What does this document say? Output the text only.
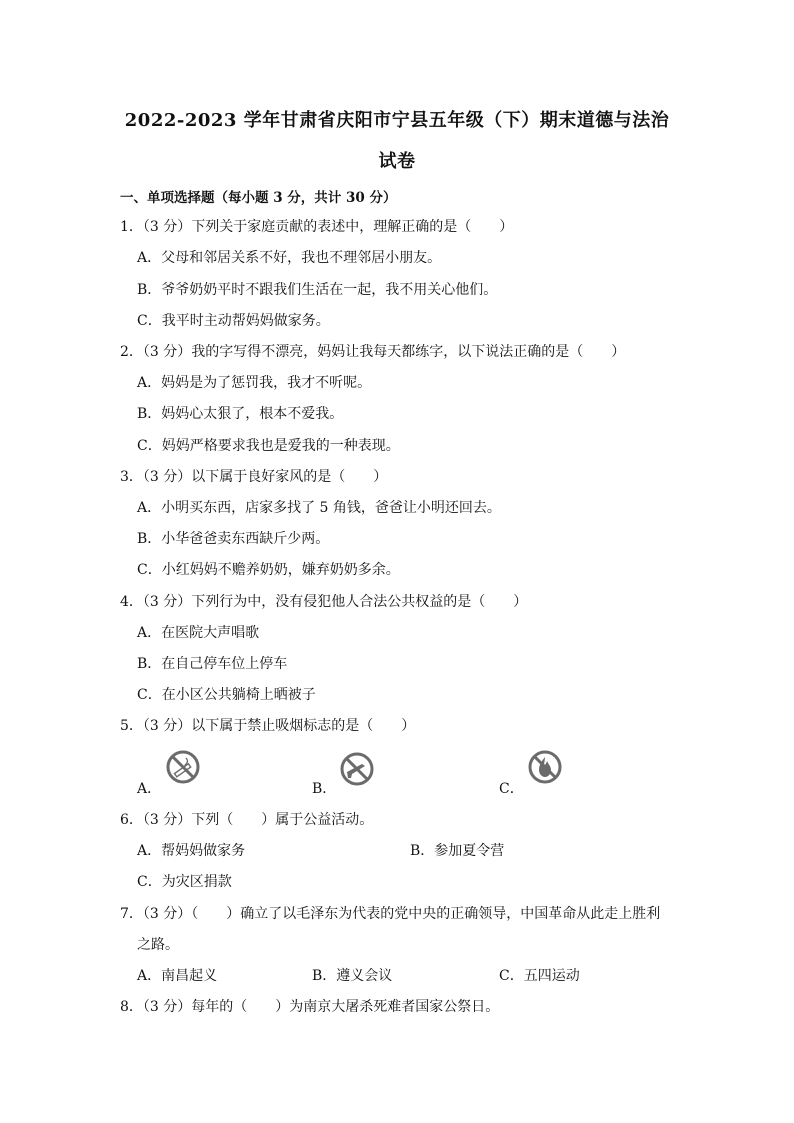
2022-2023 学年甘肃省庆阳市宁县五年级（下）期末道德与法治
试卷
一、单项选择题（每小题 3 分，共计 30 分）
1．（3 分）下列关于家庭贡献的表述中，理解正确的是（　　）
A．父母和邻居关系不好，我也不理邻居小朋友。
B．爷爷奶奶平时不跟我们生活在一起，我不用关心他们。
C．我平时主动帮妈妈做家务。
2．（3 分）我的字写得不漂亮，妈妈让我每天都练字，以下说法正确的是（　　）
A．妈妈是为了惩罚我，我才不听呢。
B．妈妈心太狠了，根本不爱我。
C．妈妈严格要求我也是爱我的一种表现。
3．（3 分）以下属于良好家风的是（　　）
A．小明买东西，店家多找了 5 角钱，爸爸让小明还回去。
B．小华爸爸卖东西缺斤少两。
C．小红妈妈不赡养奶奶，嫌弃奶奶多余。
4．（3 分）下列行为中，没有侵犯他人合法公共权益的是（　　）
A．在医院大声唱歌
B．在自己停车位上停车
C．在小区公共躺椅上晒被子
5．（3 分）以下属于禁止吸烟标志的是（　　）
A．	B．	C．
6．（3 分）下列（　　）属于公益活动。
A．帮妈妈做家务	B．参加夏令营
C．为灾区捐款
7．（3 分）（　　）确立了以毛泽东为代表的党中央的正确领导，中国革命从此走上胜利
之路。
A．南昌起义	B．遵义会议	C．五四运动
8．（3 分）每年的（　　）为南京大屠杀死难者国家公祭日。
